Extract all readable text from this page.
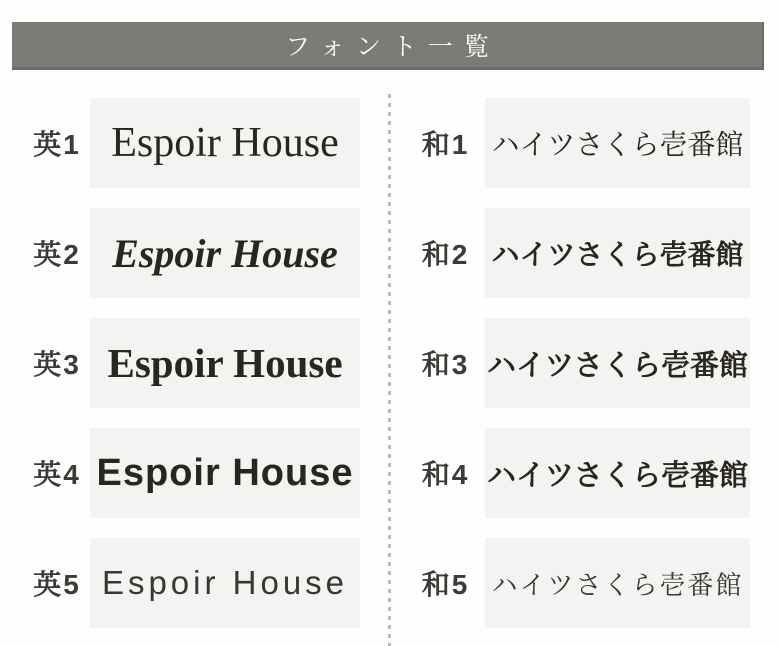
フォント一覧
英1 Espoir House
英2 Espoir House
英3 Espoir House
英4 Espoir House
英5 Espoir House
和1 ハイツさくら壱番館
和2 ハイツさくら壱番館
和3 ハイツさくら壱番館
和4 ハイツさくら壱番館
和5 ハイツさくら壱番館
